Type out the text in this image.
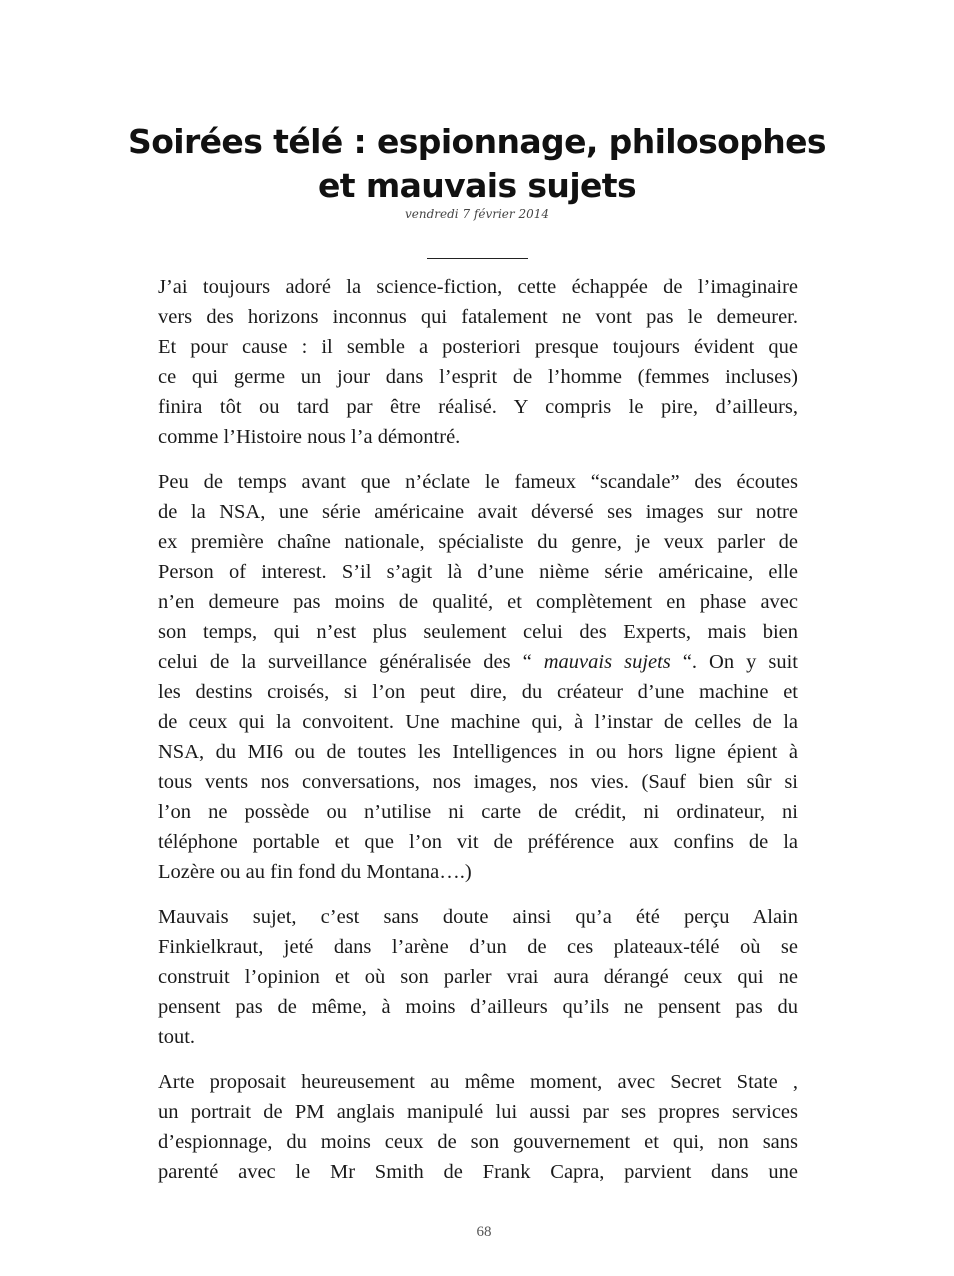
Soirées télé : espionnage, philosophes
et mauvais sujets
vendredi 7 février 2014

J’ai toujours adoré la science-fiction, cette échappée de l’imaginaire
vers des horizons inconnus qui fatalement ne vont pas le demeurer.
Et pour cause : il semble a posteriori presque toujours évident que
ce qui germe un jour dans l’esprit de l’homme (femmes incluses)
finira tôt ou tard par être réalisé. Y compris le pire, d’ailleurs,
comme l’Histoire nous l’a démontré.

Peu de temps avant que n’éclate le fameux “scandale” des écoutes
de la NSA, une série américaine avait déversé ses images sur notre
ex première chaîne nationale, spécialiste du genre, je veux parler de
Person of interest. S’il s’agit là d’une nième série américaine, elle
n’en demeure pas moins de qualité, et complètement en phase avec
son temps, qui n’est plus seulement celui des Experts, mais bien
celui de la surveillance généralisée des “ mauvais sujets “. On y suit
les destins croisés, si l’on peut dire, du créateur d’une machine et
de ceux qui la convoitent. Une machine qui, à l’instar de celles de la
NSA, du MI6 ou de toutes les Intelligences in ou hors ligne épient à
tous vents nos conversations, nos images, nos vies. (Sauf bien sûr si
l’on ne possède ou n’utilise ni carte de crédit, ni ordinateur, ni
téléphone portable et que l’on vit de préférence aux confins de la
Lozère ou au fin fond du Montana….)

Mauvais sujet, c’est sans doute ainsi qu’a été perçu Alain
Finkielkraut, jeté dans l’arène d’un de ces plateaux-télé où se
construit l’opinion et où son parler vrai aura dérangé ceux qui ne
pensent pas de même, à moins d’ailleurs qu’ils ne pensent pas du
tout.

Arte proposait heureusement au même moment, avec Secret State ,
un portrait de PM anglais manipulé lui aussi par ses propres services
d’espionnage, du moins ceux de son gouvernement et qui, non sans
parenté avec le Mr Smith de Frank Capra, parvient dans une

68
